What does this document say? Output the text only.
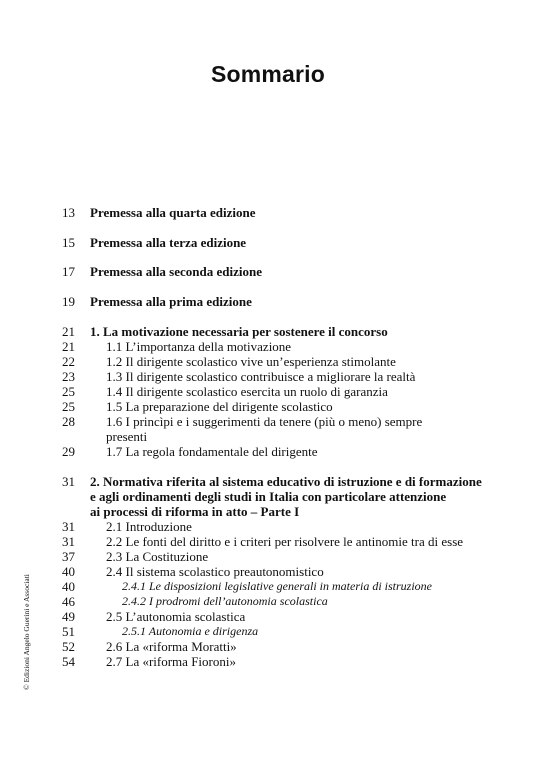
Sommario
13	Premessa alla quarta edizione
15	Premessa alla terza edizione
17	Premessa alla seconda edizione
19	Premessa alla prima edizione
21	1. La motivazione necessaria per sostenere il concorso
21	1.1 L’importanza della motivazione
22	1.2 Il dirigente scolastico vive un’esperienza stimolante
23	1.3 Il dirigente scolastico contribuisce a migliorare la realtà
25	1.4 Il dirigente scolastico esercita un ruolo di garanzia
25	1.5 La preparazione del dirigente scolastico
28	1.6 I princìpi e i suggerimenti da tenere (più o meno) sempre
presenti
29	1.7 La regola fondamentale del dirigente
31	2. Normativa riferita al sistema educativo di istruzione e di formazione
e agli ordinamenti degli studi in Italia con particolare attenzione
ai processi di riforma in atto – Parte I
31	2.1 Introduzione
31	2.2 Le fonti del diritto e i criteri per risolvere le antinomie tra di esse
37	2.3 La Costituzione
40	2.4 Il sistema scolastico preautonomistico
40	2.4.1 Le disposizioni legislative generali in materia di istruzione
46	2.4.2 I prodromi dell’autonomia scolastica
49	2.5 L’autonomia scolastica
51	2.5.1 Autonomia e dirigenza
52	2.6 La «riforma Moratti»
54	2.7 La «riforma Fioroni»
© Edizioni Angelo Guerini e Associati
